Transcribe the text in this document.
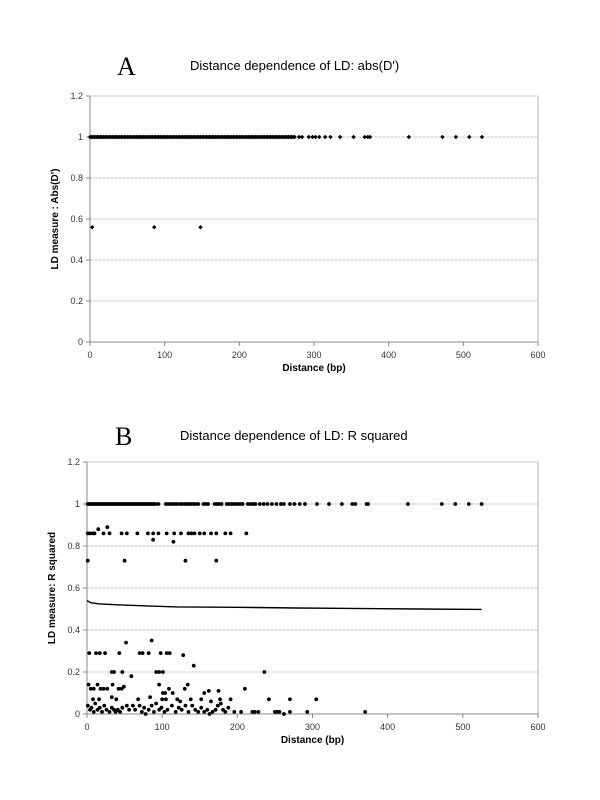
A	Distance dependence of LD: abs(D')
B	Distance dependence of LD: R squared
0
0.2
0.4
0.6
0.8
1
1.2
0	100	200	300	400	500	600
Distance (bp)
LD measure : Abs(D')
0
0.2
0.4
0.6
0.8
1
1.2
0	100	200	300	400	500	600
Distance (bp)
LD measure: R squared
